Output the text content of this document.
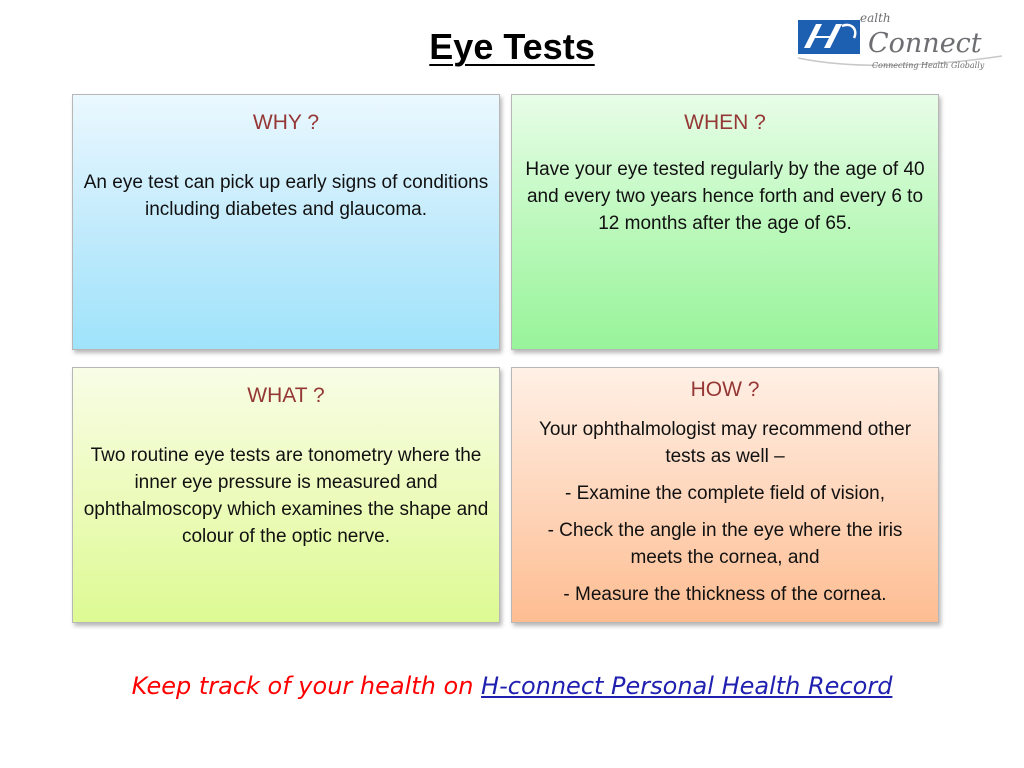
Eye Tests
ealth
Connect
Connecting Health Globally
WHY ?

An eye test can pick up early signs of conditions including diabetes and glaucoma.

WHEN ?

Have your eye tested regularly by the age of 40 and every two years hence forth and every 6 to 12 months after the age of 65.

WHAT ?

Two routine eye tests are tonometry where the inner eye pressure is measured and ophthalmoscopy which examines the shape and colour of the optic nerve.

HOW ?

Your ophthalmologist may recommend other tests as well –

- Examine the complete field of vision,

- Check the angle in the eye where the iris meets the cornea, and

- Measure the thickness of the cornea.

Keep track of your health on H-connect Personal Health Record
